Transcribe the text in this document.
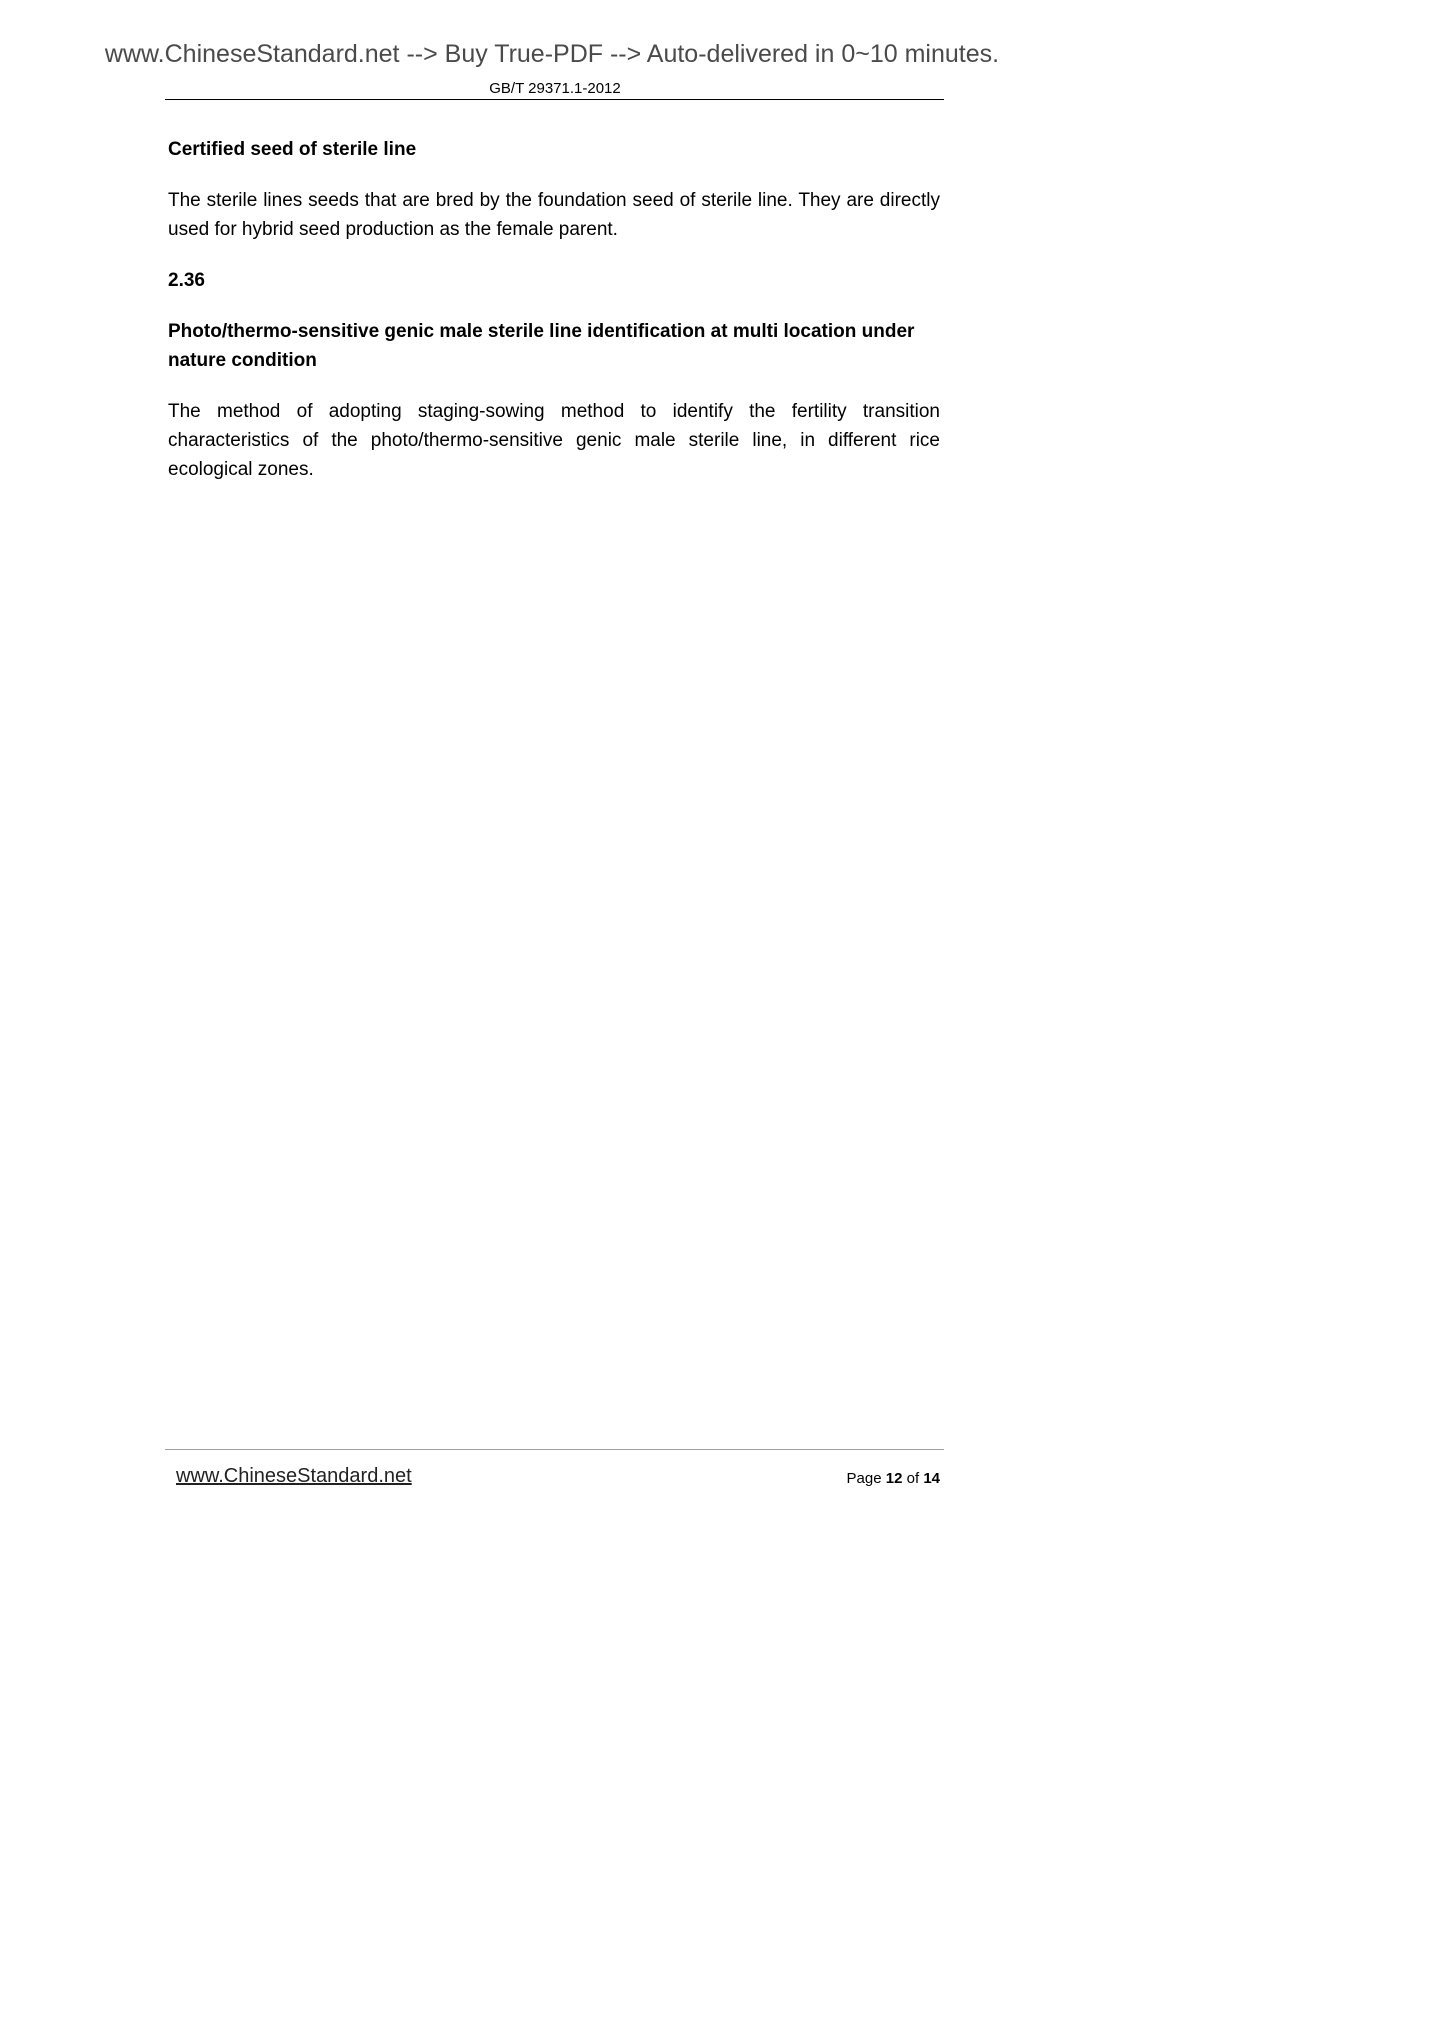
www.ChineseStandard.net --> Buy True-PDF --> Auto-delivered in 0~10 minutes.
GB/T 29371.1-2012

Certified seed of sterile line

The sterile lines seeds that are bred by the foundation seed of sterile line. They are directly used for hybrid seed production as the female parent.

2.36

Photo/thermo-sensitive genic male sterile line identification at multi location under nature condition

The method of adopting staging-sowing method to identify the fertility transition characteristics of the photo/thermo-sensitive genic male sterile line, in different rice ecological zones.

www.ChineseStandard.net	Page 12 of 14
